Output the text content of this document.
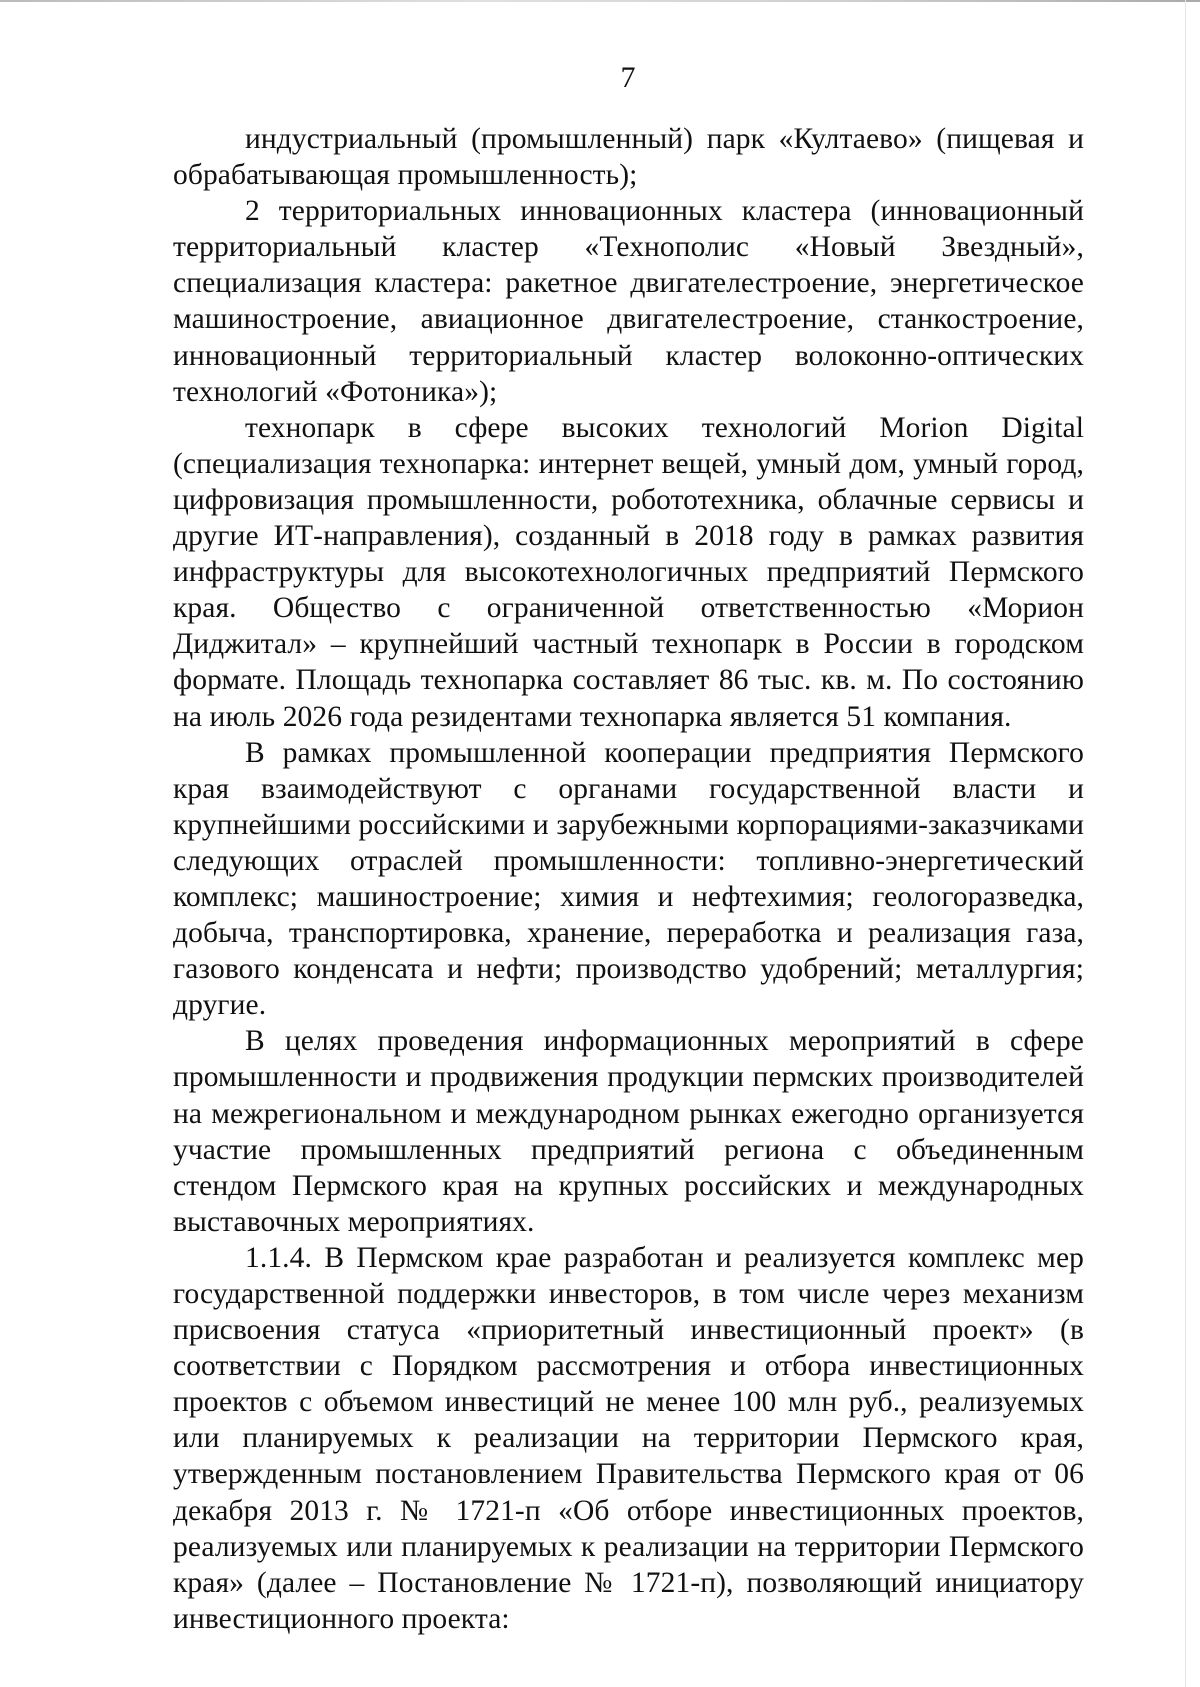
7

индустриальный (промышленный) парк «Култаево» (пищевая и обрабатывающая промышленность);

2 территориальных инновационных кластера (инновационный территориальный кластер «Технополис «Новый Звездный», специализация кластера: ракетное двигателестроение, энергетическое машиностроение, авиационное двигателестроение, станкостроение, инновационный территориальный кластер волоконно-оптических технологий «Фотоника»);

технопарк в сфере высоких технологий Morion Digital (специализация технопарка: интернет вещей, умный дом, умный город, цифровизация промышленности, робототехника, облачные сервисы и другие ИТ-направления), созданный в 2018 году в рамках развития инфраструктуры для высокотехнологичных предприятий Пермского края. Общество с ограниченной ответственностью «Морион Диджитал» – крупнейший частный технопарк в России в городском формате. Площадь технопарка составляет 86 тыс. кв. м. По состоянию на июль 2026 года резидентами технопарка является 51 компания.

В рамках промышленной кооперации предприятия Пермского края взаимодействуют с органами государственной власти и крупнейшими российскими и зарубежными корпорациями-заказчиками следующих отраслей промышленности: топливно-энергетический комплекс; машиностроение; химия и нефтехимия; геологоразведка, добыча, транспортировка, хранение, переработка и реализация газа, газового конденсата и нефти; производство удобрений; металлургия; другие.

В целях проведения информационных мероприятий в сфере промышленности и продвижения продукции пермских производителей на межрегиональном и международном рынках ежегодно организуется участие промышленных предприятий региона с объединенным стендом Пермского края на крупных российских и международных выставочных мероприятиях.

1.1.4. В Пермском крае разработан и реализуется комплекс мер государственной поддержки инвесторов, в том числе через механизм присвоения статуса «приоритетный инвестиционный проект» (в соответствии с Порядком рассмотрения и отбора инвестиционных проектов с объемом инвестиций не менее 100 млн руб., реализуемых или планируемых к реализации на территории Пермского края, утвержденным постановлением Правительства Пермского края от 06 декабря 2013 г. № 1721-п «Об отборе инвестиционных проектов, реализуемых или планируемых к реализации на территории Пермского края» (далее – Постановление № 1721-п), позволяющий инициатору инвестиционного проекта:
